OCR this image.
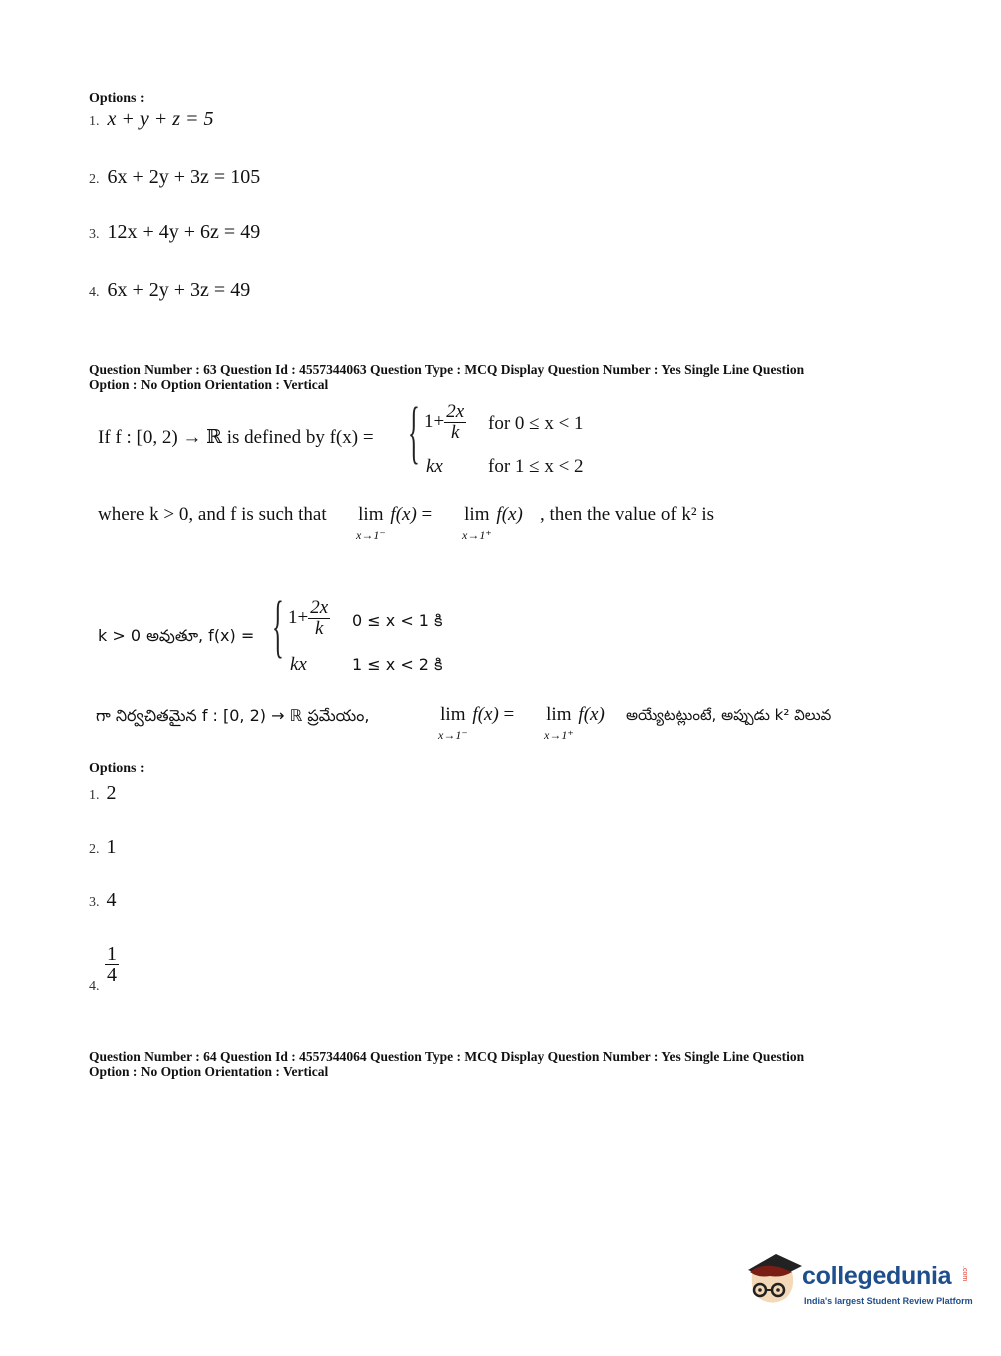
Options :
1. x + y + z = 5
2. 6x + 2y + 3z = 105
3. 12x + 4y + 6z = 49
4. 6x + 2y + 3z = 49
Question Number : 63 Question Id : 4557344063 Question Type : MCQ Display Question Number : Yes Single Line Question
Option : No Option Orientation : Vertical
If f : [0, 2) → ℝ is defined by f(x) = { $1+ \frac{2x}{k}$ for 0 ≤ x < 1
kx for 1 ≤ x < 2
where k > 0, and f is such that lim
x→1⁻
f(x) = lim
x→1⁺
f(x) , then the value of k² is
k > 0 అవుతూ, f(x) = { $1+ \frac{2x}{k} 0 \le x < 1$ కి
kx	1 ≤ x < 2 కి
గా నిర్వచితమైన f : [0, 2) → ℝ ప్రమేయం,	lim
x→1⁻
f(x) = lim
x→1⁺
f(x) అయ్యేటట్లుంటే, అప్పుడు k² విలువ
Options :
1. 2
2. 1
3. 4
4.
$\frac{1}{4}$
Question Number : 64 Question Id : 4557344064 Question Type : MCQ Display Question Number : Yes Single Line Question
Option : No Option Orientation : Vertical
collegedunia .com
India's largest Student Review Platform
